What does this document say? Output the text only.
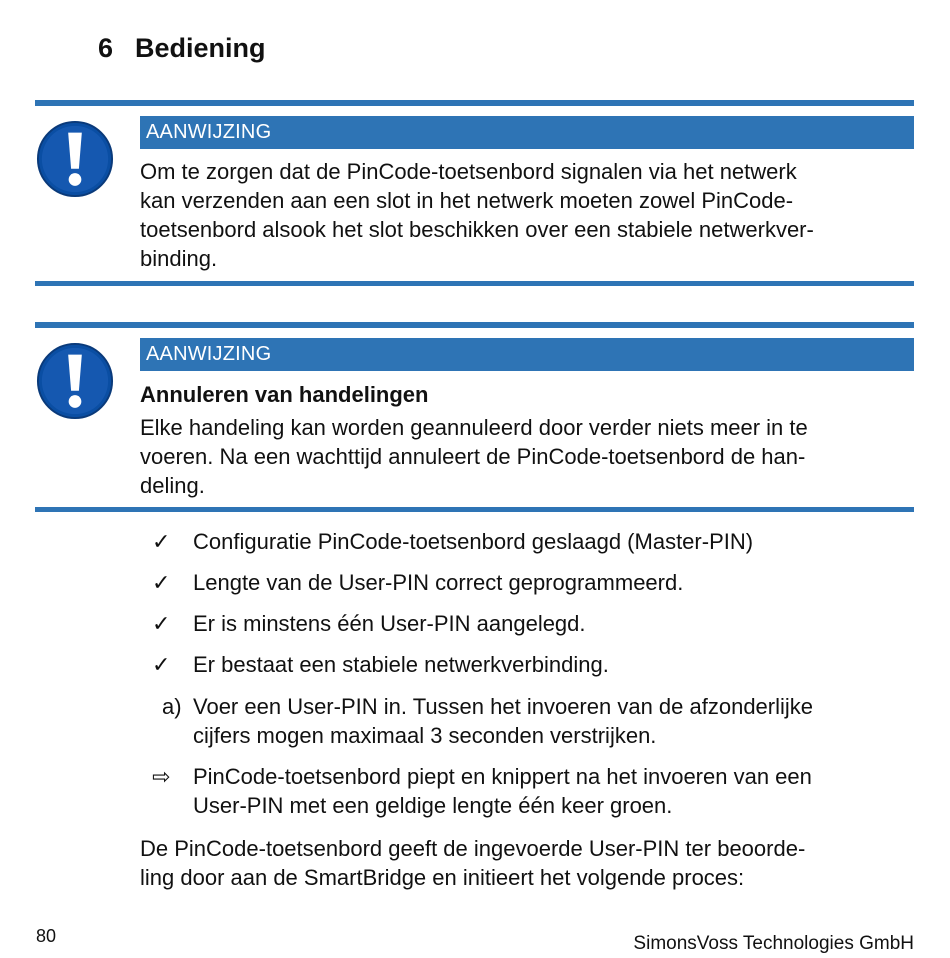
6 Bediening
AANWIJZING
Om te zorgen dat de PinCode-toetsenbord signalen via het netwerk
kan verzenden aan een slot in het netwerk moeten zowel PinCode-
toetsenbord alsook het slot beschikken over een stabiele netwerkver-
binding.
AANWIJZING
Annuleren van handelingen
Elke handeling kan worden geannuleerd door verder niets meer in te
voeren. Na een wachttijd annuleert de PinCode-toetsenbord de han-
deling.
✓	Configuratie PinCode-toetsenbord geslaagd (Master-PIN)
✓	Lengte van de User-PIN correct geprogrammeerd.
✓	Er is minstens één User-PIN aangelegd.
✓	Er bestaat een stabiele netwerkverbinding.
a) Voer een User-PIN in. Tussen het invoeren van de afzonderlijke
cijfers mogen maximaal 3 seconden verstrijken.
⇨	PinCode-toetsenbord piept en knippert na het invoeren van een
User-PIN met een geldige lengte één keer groen.
De PinCode-toetsenbord geeft de ingevoerde User-PIN ter beoorde-
ling door aan de SmartBridge en initieert het volgende proces:
80	SimonsVoss Technologies GmbH
